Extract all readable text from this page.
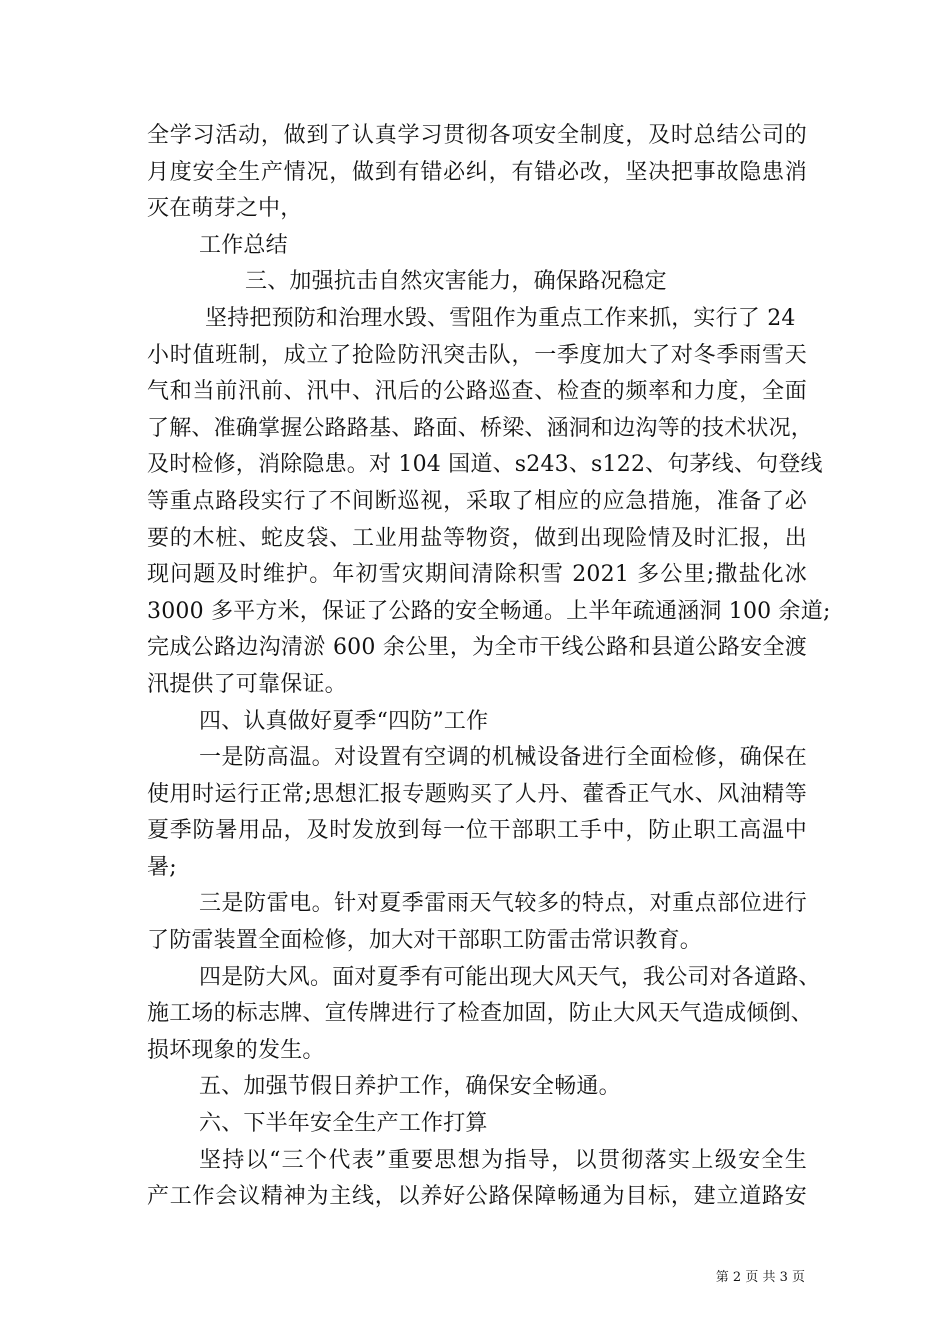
全学习活动，做到了认真学习贯彻各项安全制度，及时总结公司的
月度安全生产情况，做到有错必纠，有错必改，坚决把事故隐患消
灭在萌芽之中，
工作总结
三、加强抗击自然灾害能力，确保路况稳定
坚持把预防和治理水毁、雪阻作为重点工作来抓，实行了 24
小时值班制，成立了抢险防汛突击队，一季度加大了对冬季雨雪天
气和当前汛前、汛中、汛后的公路巡查、检查的频率和力度，全面
了解、准确掌握公路路基、路面、桥梁、涵洞和边沟等的技术状况，
及时检修，消除隐患。对 104 国道、s243、s122、句茅线、句登线
等重点路段实行了不间断巡视，采取了相应的应急措施，准备了必
要的木桩、蛇皮袋、工业用盐等物资，做到出现险情及时汇报，出
现问题及时维护。年初雪灾期间清除积雪 2021 多公里;撒盐化冰
3000 多平方米，保证了公路的安全畅通。上半年疏通涵洞 100 余道;
完成公路边沟清淤 600 余公里，为全市干线公路和县道公路安全渡
汛提供了可靠保证。
四、认真做好夏季“四防”工作
一是防高温。对设置有空调的机械设备进行全面检修，确保在
使用时运行正常;思想汇报专题购买了人丹、藿香正气水、风油精等
夏季防暑用品，及时发放到每一位干部职工手中，防止职工高温中
暑;
三是防雷电。针对夏季雷雨天气较多的特点，对重点部位进行
了防雷装置全面检修，加大对干部职工防雷击常识教育。
四是防大风。面对夏季有可能出现大风天气，我公司对各道路、
施工场的标志牌、宣传牌进行了检查加固，防止大风天气造成倾倒、
损坏现象的发生。
五、加强节假日养护工作，确保安全畅通。
六、下半年安全生产工作打算
坚持以“三个代表”重要思想为指导，以贯彻落实上级安全生
产工作会议精神为主线，以养好公路保障畅通为目标，建立道路安
第 2 页 共 3 页
